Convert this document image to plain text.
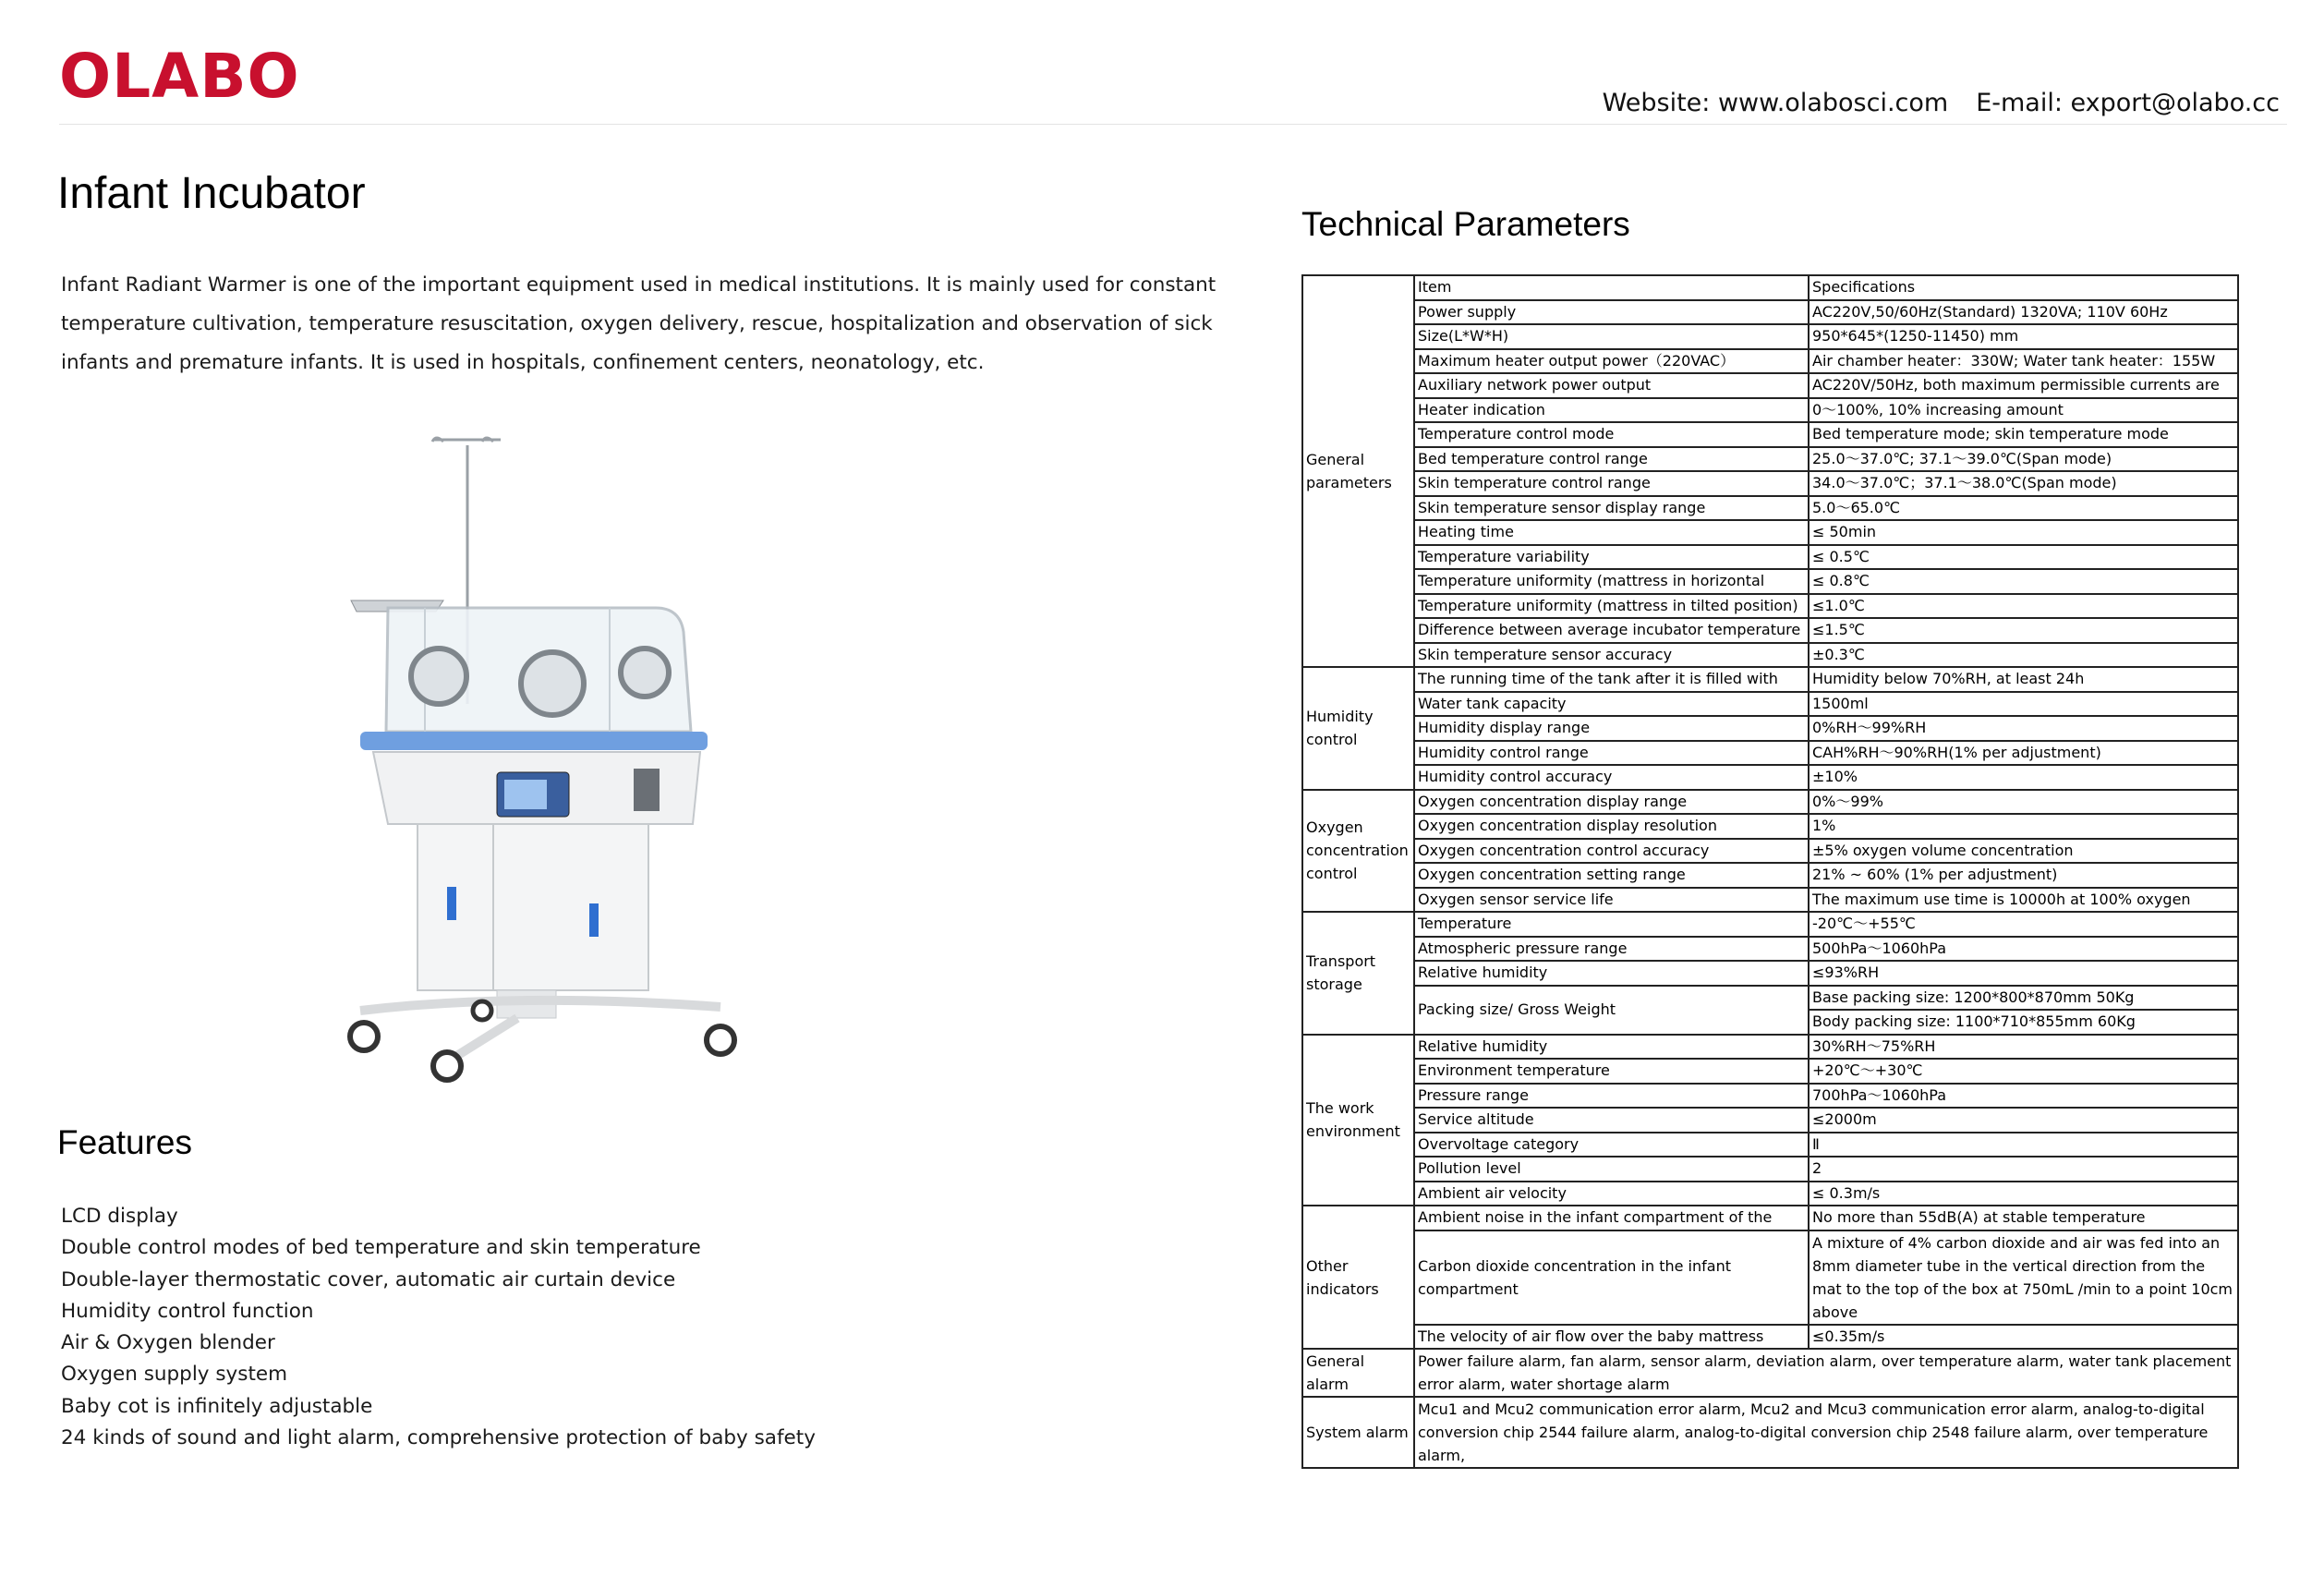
OLABO	Website: www.olabosci.com E-mail: export@olabo.cc
Infant Incubator
Infant Radiant Warmer is one of the important equipment used in medical institutions. It is mainly used for constant
temperature cultivation, temperature resuscitation, oxygen delivery, rescue, hospitalization and observation of sick
infants and premature infants. It is used in hospitals, confinement centers, neonatology, etc.
Features
LCD display
Double control modes of bed temperature and skin temperature
Double-layer thermostatic cover, automatic air curtain device
Humidity control function
Air & Oxygen blender
Oxygen supply system
Baby cot is infinitely adjustable
24 kinds of sound and light alarm, comprehensive protection of baby safety
Technical Parameters
General parameters	Item	Specifications
	Power supply	AC220V,50/60Hz(Standard) 1320VA; 110V 60Hz
	Size(L*W*H)	950*645*(1250-11450) mm
	Maximum heater output power（220VAC）	Air chamber heater：330W; Water tank heater：155W
	Auxiliary network power output	AC220V/50Hz, both maximum permissible currents are
	Heater indication	0～100%, 10% increasing amount
	Temperature control mode	Bed temperature mode; skin temperature mode
	Bed temperature control range	25.0～37.0℃; 37.1～39.0℃(Span mode)
	Skin temperature control range	34.0～37.0℃；37.1～38.0℃(Span mode)
	Skin temperature sensor display range	5.0～65.0℃
	Heating time	≤ 50min
	Temperature variability	≤ 0.5℃
	Temperature uniformity (mattress in horizontal	≤ 0.8℃
	Temperature uniformity (mattress in tilted position)	≤1.0℃
	Difference between average incubator temperature	≤1.5℃
	Skin temperature sensor accuracy	±0.3℃
Humidity control	The running time of the tank after it is filled with	Humidity below 70%RH, at least 24h
	Water tank capacity	1500ml
	Humidity display range	0%RH～99%RH
	Humidity control range	CAH%RH～90%RH(1% per adjustment)
	Humidity control accuracy	±10%
Oxygen concentration control	Oxygen concentration display range	0%～99%
	Oxygen concentration display resolution	1%
	Oxygen concentration control accuracy	±5% oxygen volume concentration
	Oxygen concentration setting range	21% ~ 60% (1% per adjustment)
	Oxygen sensor service life	The maximum use time is 10000h at 100% oxygen
Transport storage	Temperature	-20℃～+55℃
	Atmospheric pressure range	500hPa～1060hPa
	Relative humidity	≤93%RH
	Packing size/ Gross Weight	Base packing size: 1200*800*870mm 50Kg
		Body packing size: 1100*710*855mm 60Kg
The work environment	Relative humidity	30%RH～75%RH
	Environment temperature	+20℃～+30℃
	Pressure range	700hPa～1060hPa
	Service altitude	≤2000m
	Overvoltage category	Ⅱ
	Pollution level	2
	Ambient air velocity	≤ 0.3m/s
Other indicators	Ambient noise in the infant compartment of the	No more than 55dB(A) at stable temperature
	Carbon dioxide concentration in the infant compartment	A mixture of 4% carbon dioxide and air was fed into an 8mm diameter tube in the vertical direction from the mat to the top of the box at 750mL /min to a point 10cm above
	The velocity of air flow over the baby mattress	≤0.35m/s
General alarm	Power failure alarm, fan alarm, sensor alarm, deviation alarm, over temperature alarm, water tank placement error alarm, water shortage alarm	
System alarm	Mcu1 and Mcu2 communication error alarm, Mcu2 and Mcu3 communication error alarm, analog-to-digital conversion chip 2544 failure alarm, analog-to-digital conversion chip 2548 failure alarm, over temperature alarm,	
